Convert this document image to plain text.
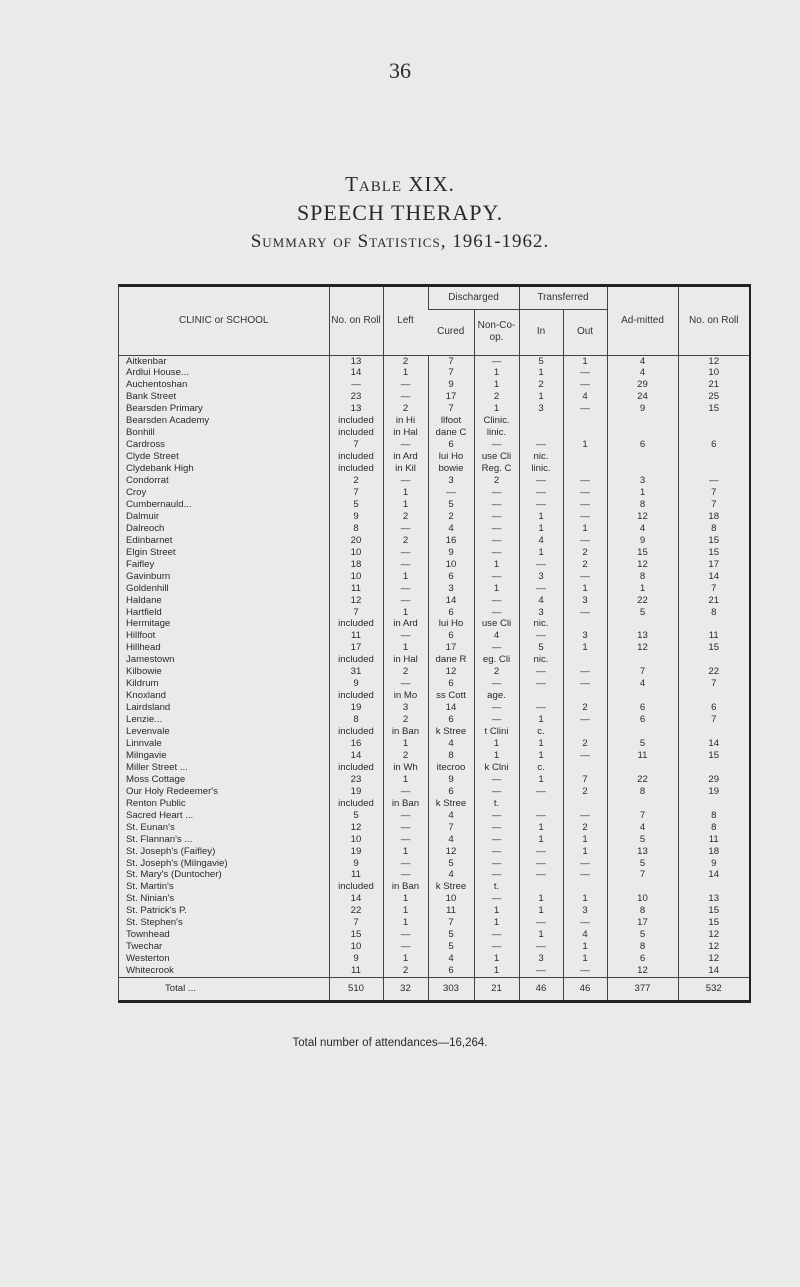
36
Table XIX.
SPEECH THERAPY.
Summary of Statistics, 1961-1962.
CLINIC or SCHOOL	No. on Roll	Left	Discharged		Transferred		Ad-mitted	No. on Roll
			Cured	Non-Co-op.	In	Out		
Aitkenbar	13	2	7	—	5	1	4	12
Ardlui House...	14	1	7	1	1	—	4	10
Auchentoshan	—	—	9	1	2	—	29	21
Bank Street	23	—	17	2	1	4	24	25
Bearsden Primary	13	2	7	1	3	—	9	15
Bearsden Academy	included	in Hi	llfoot	Clinic.				
Bonhill	included	in Hal	dane C	linic.				
Cardross	7	—	6	—	—	1	6	6
Clyde Street	included	in Ard	lui Ho	use Cli	nic.			
Clydebank High	included	in Kil	bowie	Reg. C	linic.			
Condorrat	2	—	3	2	—	—	3	—
Croy	7	1	—	—	—	—	1	7
Cumbernauld...	5	1	5	—	—	—	8	7
Dalmuir	9	2	2	—	1	—	12	18
Dalreoch	8	—	4	—	1	1	4	8
Edinbarnet	20	2	16	—	4	—	9	15
Elgin Street	10	—	9	—	1	2	15	15
Faifley	18	—	10	1	—	2	12	17
Gavinburn	10	1	6	—	3	—	8	14
Goldenhill	11	—	3	1	—	1	1	7
Haldane	12	—	14	—	4	3	22	21
Hartfield	7	1	6	—	3	—	5	8
Hermitage	included	in Ard	lui Ho	use Cli	nic.			
Hillfoot	11	—	6	4	—	3	13	11
Hillhead	17	1	17	—	5	1	12	15
Jamestown	included	in Hal	dane R	eg. Cli	nic.			
Kilbowie	31	2	12	2	—	—	7	22
Kildrum	9	—	6	—	—	—	4	7
Knoxland	included	in Mo	ss Cott	age.				
Lairdsland	19	3	14	—	—	2	6	6
Lenzie...	8	2	6	—	1	—	6	7
Levenvale	included	in Ban	k Stree	t Clini	c.			
Linnvale	16	1	4	1	1	2	5	14
Milngavie	14	2	8	1	1	—	11	15
Miller Street ...	included	in Wh	itecroo	k Clni	c.			
Moss Cottage	23	1	9	—	1	7	22	29
Our Holy Redeemer's	19	—	6	—	—	2	8	19
Renton Public	included	in Ban	k Stree	t.				
Sacred Heart ...	5	—	4	—	—	—	7	8
St. Eunan's	12	—	7	—	1	2	4	8
St. Flannan's ...	10	—	4	—	1	1	5	11
St. Joseph's (Faifley)	19	1	12	—	—	1	13	18
St. Joseph's (Milngavie)	9	—	5	—	—	—	5	9
St. Mary's (Duntocher)	11	—	4	—	—	—	7	14
St. Martin's	included	in Ban	k Stree	t.				
St. Ninian's	14	1	10	—	1	1	10	13
St. Patrick's P.	22	1	11	1	1	3	8	15
St. Stephen's	7	1	7	1	—	—	17	15
Townhead	15	—	5	—	1	4	5	12
Twechar	10	—	5	—	—	1	8	12
Westerton	9	1	4	1	3	1	6	12
Whitecrook	11	2	6	1	—	—	12	14
Total ...	510	32	303	21	46	46	377	532
Total number of attendances—16,264.
